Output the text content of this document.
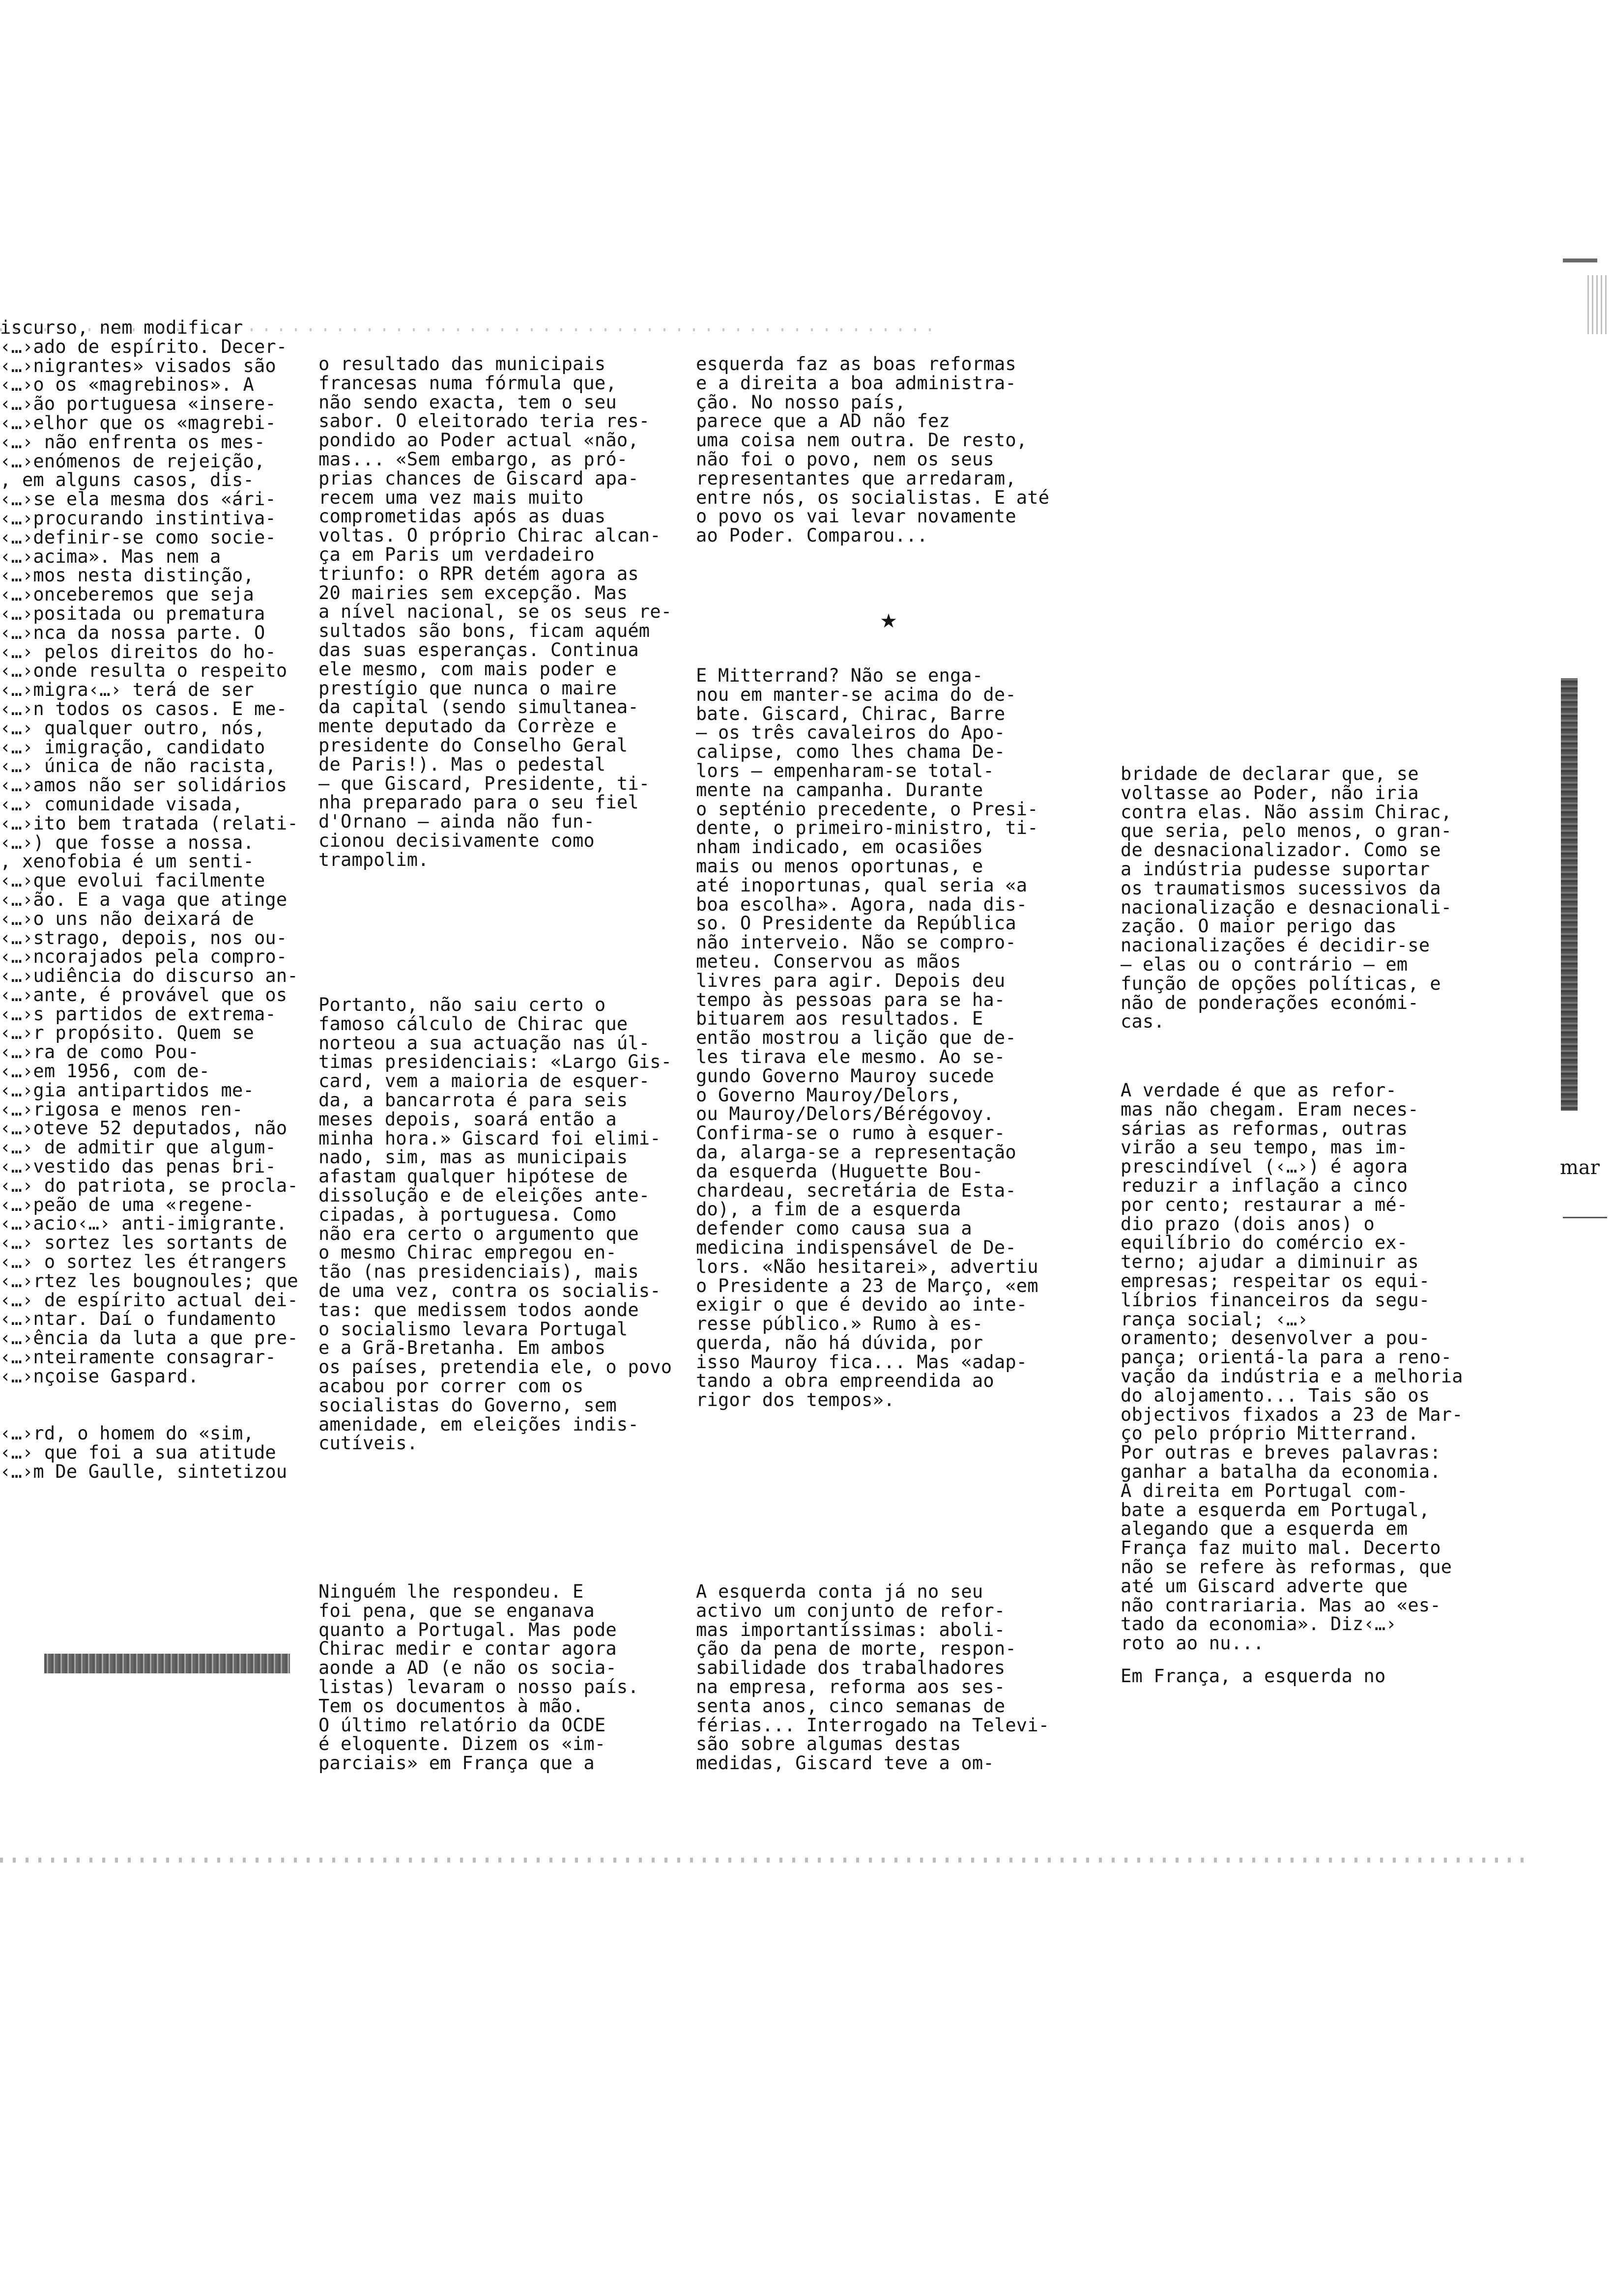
iscurso, nem modificar
‹…›ado de espírito. Decer-
‹…›nigrantes» visados são
‹…›o os «magrebinos». A
‹…›ão portuguesa «insere-
‹…›elhor que os «magrebi-
‹…› não enfrenta os mes-
‹…›enómenos de rejeição,
, em alguns casos, dis-
‹…›se ela mesma dos «ári-
‹…›procurando instintiva-
‹…›definir-se como socie-
‹…›acima». Mas nem a
‹…›mos nesta distinção,
‹…›onceberemos que seja
‹…›positada ou prematura
‹…›nca da nossa parte. O
‹…› pelos direitos do ho-
‹…›onde resulta o respeito
‹…›migra‹…› terá de ser
‹…›n todos os casos. E me-
‹…› qualquer outro, nós,
‹…› imigração, candidato
‹…› única de não racista,
‹…›amos não ser solidários
‹…› comunidade visada,
‹…›ito bem tratada (relati-
‹…›) que fosse a nossa.
, xenofobia é um senti-
‹…›que evolui facilmente
‹…›ão. E a vaga que atinge
‹…›o uns não deixará de
‹…›strago, depois, nos ou-
‹…›ncorajados pela compro-
‹…›udiência do discurso an-
‹…›ante, é provável que os
‹…›s partidos de extrema-
‹…›r propósito. Quem se
‹…›ra de como Pou-
‹…›em 1956, com de-
‹…›gia antipartidos me-
‹…›rigosa e menos ren-
‹…›oteve 52 deputados, não
‹…› de admitir que algum-
‹…›vestido das penas bri-
‹…› do patriota, se procla-
‹…›peão de uma «regene-
‹…›acio‹…› anti-imigrante.
‹…› sortez les sortants de
‹…› o sortez les étrangers
‹…›rtez les bougnoules; que
‹…› de espírito actual dei-
‹…›ntar. Daí o fundamento
‹…›ência da luta a que pre-
‹…›nteiramente consagrar-
‹…›nçoise Gaspard.

‹…›rd, o homem do «sim,
‹…› que foi a sua atitude
‹…›m De Gaulle, sintetizou
o resultado das municipais
francesas numa fórmula que,
não sendo exacta, tem o seu
sabor. O eleitorado teria res-
pondido ao Poder actual «não,
mas... «Sem embargo, as pró-
prias chances de Giscard apa-
recem uma vez mais muito
comprometidas após as duas
voltas. O próprio Chirac alcan-
ça em Paris um verdadeiro
triunfo: o RPR detém agora as
20 mairies sem excepção. Mas
a nível nacional, se os seus re-
sultados são bons, ficam aquém
das suas esperanças. Continua
ele mesmo, com mais poder e
prestígio que nunca o maire
da capital (sendo simultanea-
mente deputado da Corrèze e
presidente do Conselho Geral
de Paris!). Mas o pedestal
— que Giscard, Presidente, ti-
nha preparado para o seu fiel
d'Ornano — ainda não fun-
cionou decisivamente como
trampolim.
Portanto, não saiu certo o
famoso cálculo de Chirac que
norteou a sua actuação nas úl-
timas presidenciais: «Largo Gis-
card, vem a maioria de esquer-
da, a bancarrota é para seis
meses depois, soará então a
minha hora.» Giscard foi elimi-
nado, sim, mas as municipais
afastam qualquer hipótese de
dissolução e de eleições ante-
cipadas, à portuguesa. Como
não era certo o argumento que
o mesmo Chirac empregou en-
tão (nas presidenciais), mais
de uma vez, contra os socialis-
tas: que medissem todos aonde
o socialismo levara Portugal
e a Grã-Bretanha. Em ambos
os países, pretendia ele, o povo
acabou por correr com os
socialistas do Governo, sem
amenidade, em eleições indis-
cutíveis.
Ninguém lhe respondeu. E
foi pena, que se enganava
quanto a Portugal. Mas pode
Chirac medir e contar agora
aonde a AD (e não os socia-
listas) levaram o nosso país.
Tem os documentos à mão.
O último relatório da OCDE
é eloquente. Dizem os «im-
parciais» em França que a
esquerda faz as boas reformas
e a direita a boa administra-
ção. No nosso país,
parece que a AD não fez
uma coisa nem outra. De resto,
não foi o povo, nem os seus
representantes que arredaram,
entre nós, os socialistas. E até
o povo os vai levar novamente
ao Poder. Comparou...
★
E Mitterrand? Não se enga-
nou em manter-se acima do de-
bate. Giscard, Chirac, Barre
— os três cavaleiros do Apo-
calipse, como lhes chama De-
lors — empenharam-se total-
mente na campanha. Durante
o septénio precedente, o Presi-
dente, o primeiro-ministro, ti-
nham indicado, em ocasiões
mais ou menos oportunas, e
até inoportunas, qual seria «a
boa escolha». Agora, nada dis-
so. O Presidente da República
não interveio. Não se compro-
meteu. Conservou as mãos
livres para agir. Depois deu
tempo às pessoas para se ha-
bituarem aos resultados. E
então mostrou a lição que de-
les tirava ele mesmo. Ao se-
gundo Governo Mauroy sucede
o Governo Mauroy/Delors,
ou Mauroy/Delors/Bérégovoy.
Confirma-se o rumo à esquer-
da, alarga-se a representação
da esquerda (Huguette Bou-
chardeau, secretária de Esta-
do), a fim de a esquerda
defender como causa sua a
medicina indispensável de De-
lors. «Não hesitarei», advertiu
o Presidente a 23 de Março, «em
exigir o que é devido ao inte-
resse público.» Rumo à es-
querda, não há dúvida, por
isso Mauroy fica... Mas «adap-
tando a obra empreendida ao
rigor dos tempos».
A esquerda conta já no seu
activo um conjunto de refor-
mas importantíssimas: aboli-
ção da pena de morte, respon-
sabilidade dos trabalhadores
na empresa, reforma aos ses-
senta anos, cinco semanas de
férias... Interrogado na Televi-
são sobre algumas destas
medidas, Giscard teve a om-
bridade de declarar que, se
voltasse ao Poder, não iria
contra elas. Não assim Chirac,
que seria, pelo menos, o gran-
de desnacionalizador. Como se
a indústria pudesse suportar
os traumatismos sucessivos da
nacionalização e desnacionali-
zação. O maior perigo das
nacionalizações é decidir-se
— elas ou o contrário — em
função de opções políticas, e
não de ponderações económi-
cas.
A verdade é que as refor-
mas não chegam. Eram neces-
sárias as reformas, outras
virão a seu tempo, mas im-
prescindível (‹…›) é agora
reduzir a inflação a cinco
por cento; restaurar a mé-
dio prazo (dois anos) o
equilíbrio do comércio ex-
terno; ajudar a diminuir as
empresas; respeitar os equi-
líbrios financeiros da segu-
rança social; ‹…›
oramento; desenvolver a pou-
pança; orientá-la para a reno-
vação da indústria e a melhoria
do alojamento... Tais são os
objectivos fixados a 23 de Mar-
ço pelo próprio Mitterrand.
Por outras e breves palavras:
ganhar a batalha da economia.
A direita em Portugal com-
bate a esquerda em Portugal,
alegando que a esquerda em
França faz muito mal. Decerto
não se refere às reformas, que
até um Giscard adverte que
não contrariaria. Mas ao «es-
tado da economia». Diz‹…›
roto ao nu...
Em França, a esquerda no
mar
